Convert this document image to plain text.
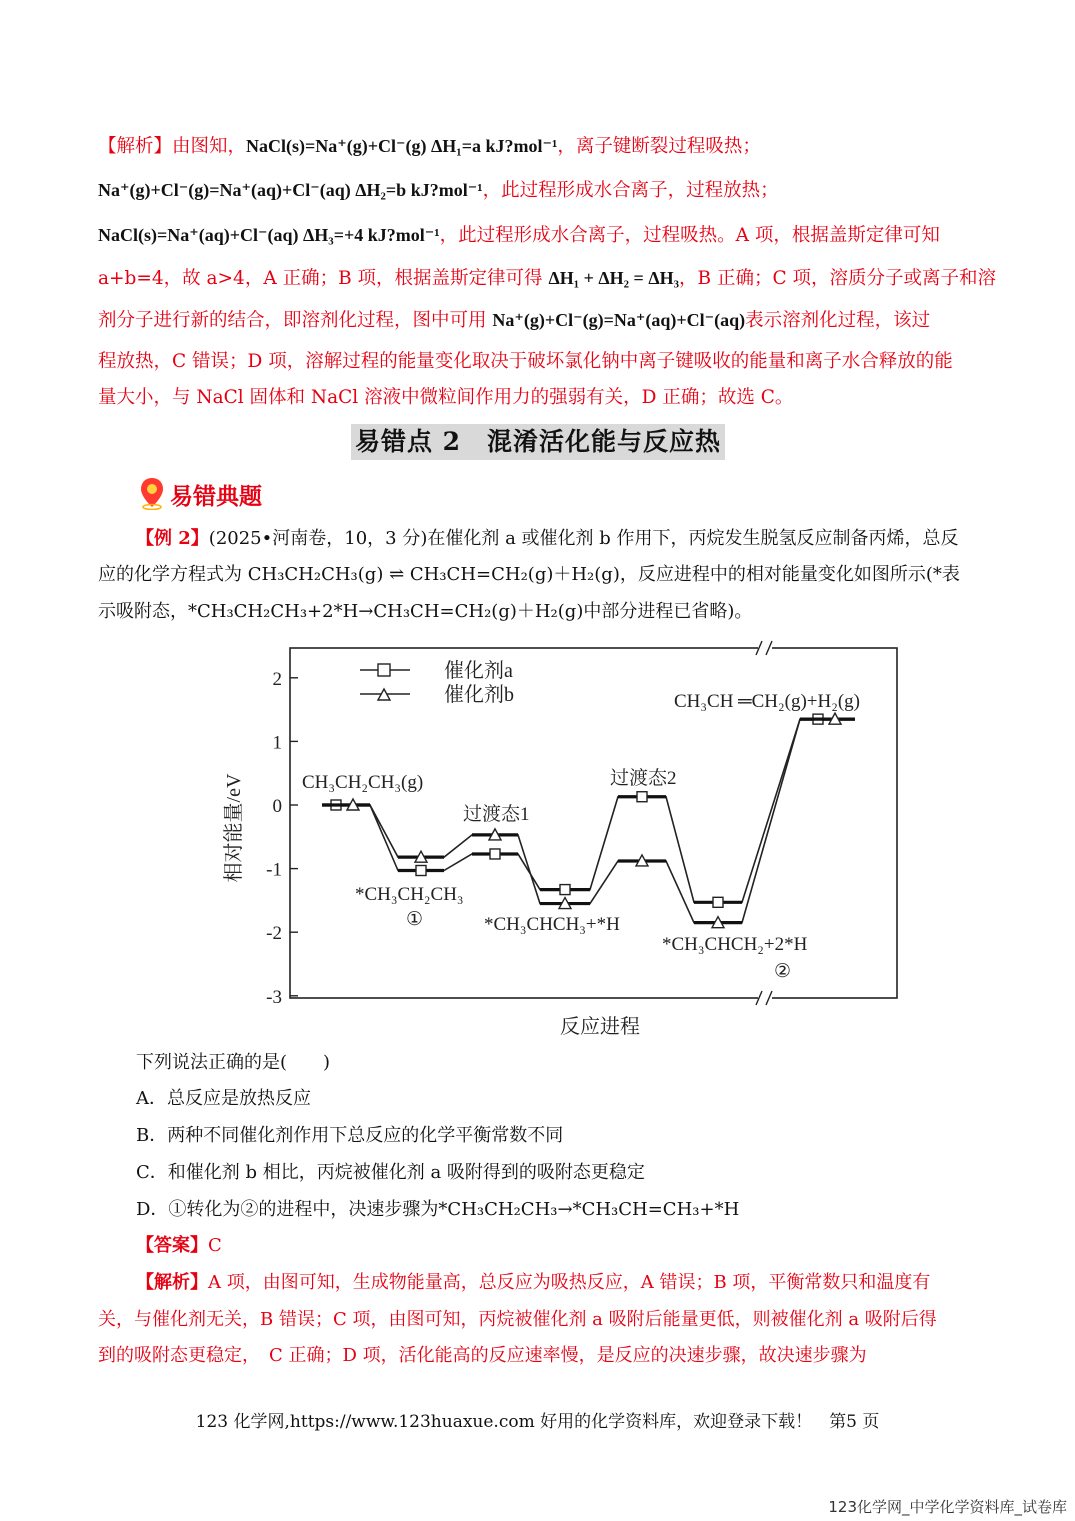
【解析】由图知，NaCl(s)=Na⁺(g)+Cl⁻(g) ΔH₁=a kJ?mol⁻¹，离子键断裂过程吸热；
Na⁺(g)+Cl⁻(g)=Na⁺(aq)+Cl⁻(aq) ΔH₂=b kJ?mol⁻¹，此过程形成水合离子，过程放热；
NaCl(s)=Na⁺(aq)+Cl⁻(aq) ΔH₃=+4 kJ?mol⁻¹，此过程形成水合离子，过程吸热。A 项，根据盖斯定律可知
a+b=4，故 a>4，A 正确；B 项，根据盖斯定律可得 ΔH₁ + ΔH₂ = ΔH₃，B 正确；C 项，溶质分子或离子和溶
剂分子进行新的结合，即溶剂化过程，图中可用 Na⁺(g)+Cl⁻(g)=Na⁺(aq)+Cl⁻(aq)表示溶剂化过程，该过
程放热，C 错误；D 项，溶解过程的能量变化取决于破坏氯化钠中离子键吸收的能量和离子水合释放的能
量大小，与 NaCl 固体和 NaCl 溶液中微粒间作用力的强弱有关，D 正确；故选 C。
易错点 2　混淆活化能与反应热
易错典题
【例 2】(2025•河南卷，10，3 分)在催化剂 a 或催化剂 b 作用下，丙烷发生脱氢反应制备丙烯，总反
应的化学方程式为 CH₃CH₂CH₃(g) ⇌ CH₃CH=CH₂(g)＋H₂(g)，反应进程中的相对能量变化如图所示(*表
示吸附态，*CH₃CH₂CH₃+2*H→CH₃CH=CH₂(g)＋H₂(g)中部分进程已省略)。
2
1
0
-1
-2
-3
相对能量/eV
反应进程
催化剂a
催化剂b
CH₃CH₂CH₃(g)
*CH₃CH₂CH₃
①
过渡态1
*CH₃CHCH₃+*H
过渡态2
*CH₃CHCH₂+2*H
②
CH₃CH ═CH₂(g)+H₂(g)
下列说法正确的是(　　)
A．总反应是放热反应
B．两种不同催化剂作用下总反应的化学平衡常数不同
C．和催化剂 b 相比，丙烷被催化剂 a 吸附得到的吸附态更稳定
D．①转化为②的进程中，决速步骤为*CH₃CH₂CH₃→*CH₃CH=CH₃+*H
【答案】C
【解析】A 项，由图可知，生成物能量高，总反应为吸热反应，A 错误；B 项，平衡常数只和温度有
关，与催化剂无关，B 错误；C 项，由图可知，丙烷被催化剂 a 吸附后能量更低，则被催化剂 a 吸附后得
到的吸附态更稳定，　C 正确；D 项，活化能高的反应速率慢，是反应的决速步骤，故决速步骤为
123 化学网,https://www.123huaxue.com 好用的化学资料库，欢迎登录下载！　第5 页
123化学网_中学化学资料库_试卷库
